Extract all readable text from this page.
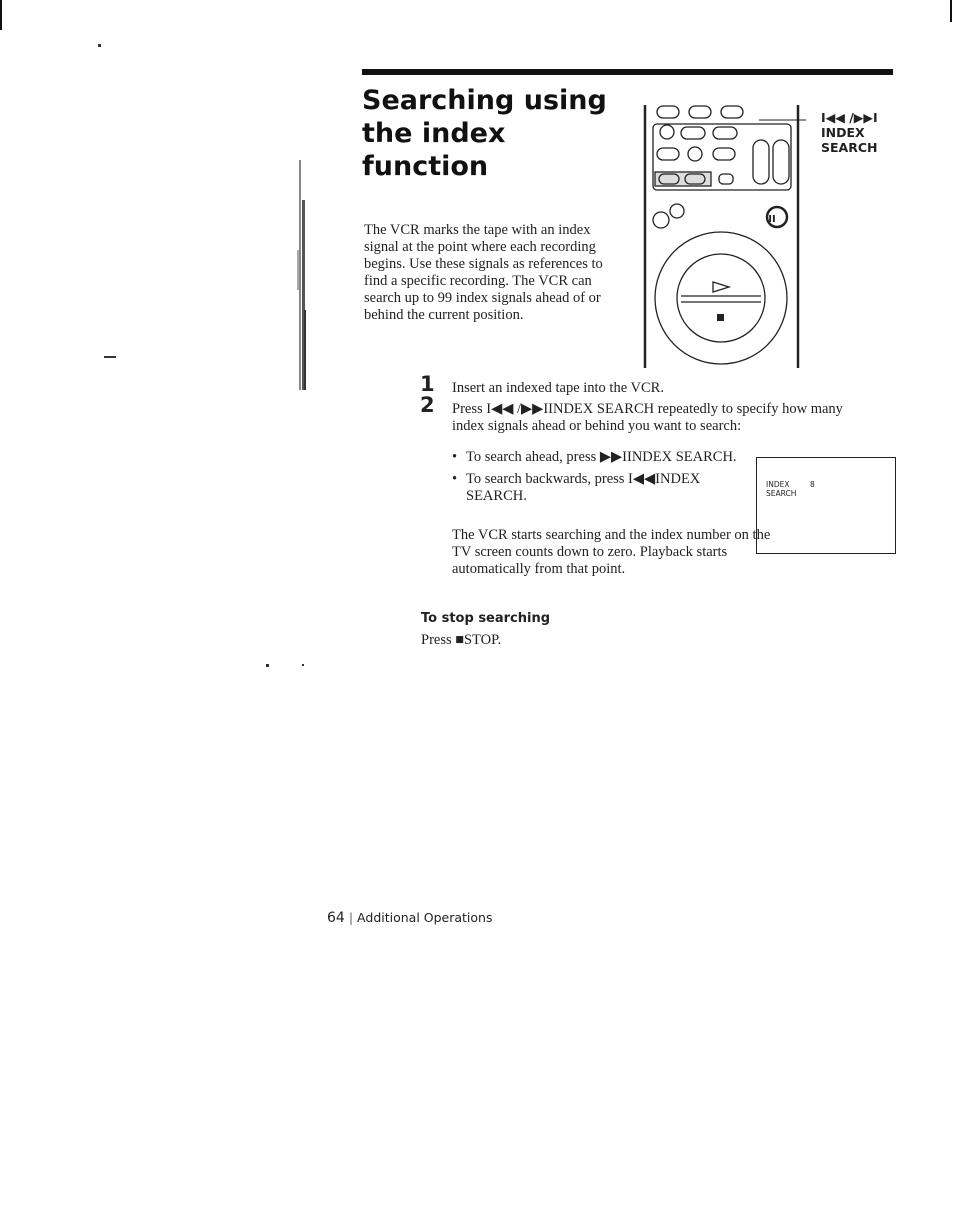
Searching using the index function

The VCR marks the tape with an index signal at the point where each recording begins. Use these signals as references to find a specific recording. The VCR can search up to 99 index signals ahead of or behind the current position.

II
I◀◀ /▶▶I
INDEX
SEARCH
1 Insert an indexed tape into the VCR.
2 Press I◀◀ /▶▶IINDEX SEARCH repeatedly to specify how many index signals ahead or behind you want to search:
• To search ahead, press ▶▶IINDEX SEARCH.
• To search backwards, press I◀◀INDEX SEARCH.

The VCR starts searching and the index number on the TV screen counts down to zero. Playback starts automatically from that point.

INDEX
SEARCH
8
To stop searching
Press ■STOP.
64 | Additional Operations
